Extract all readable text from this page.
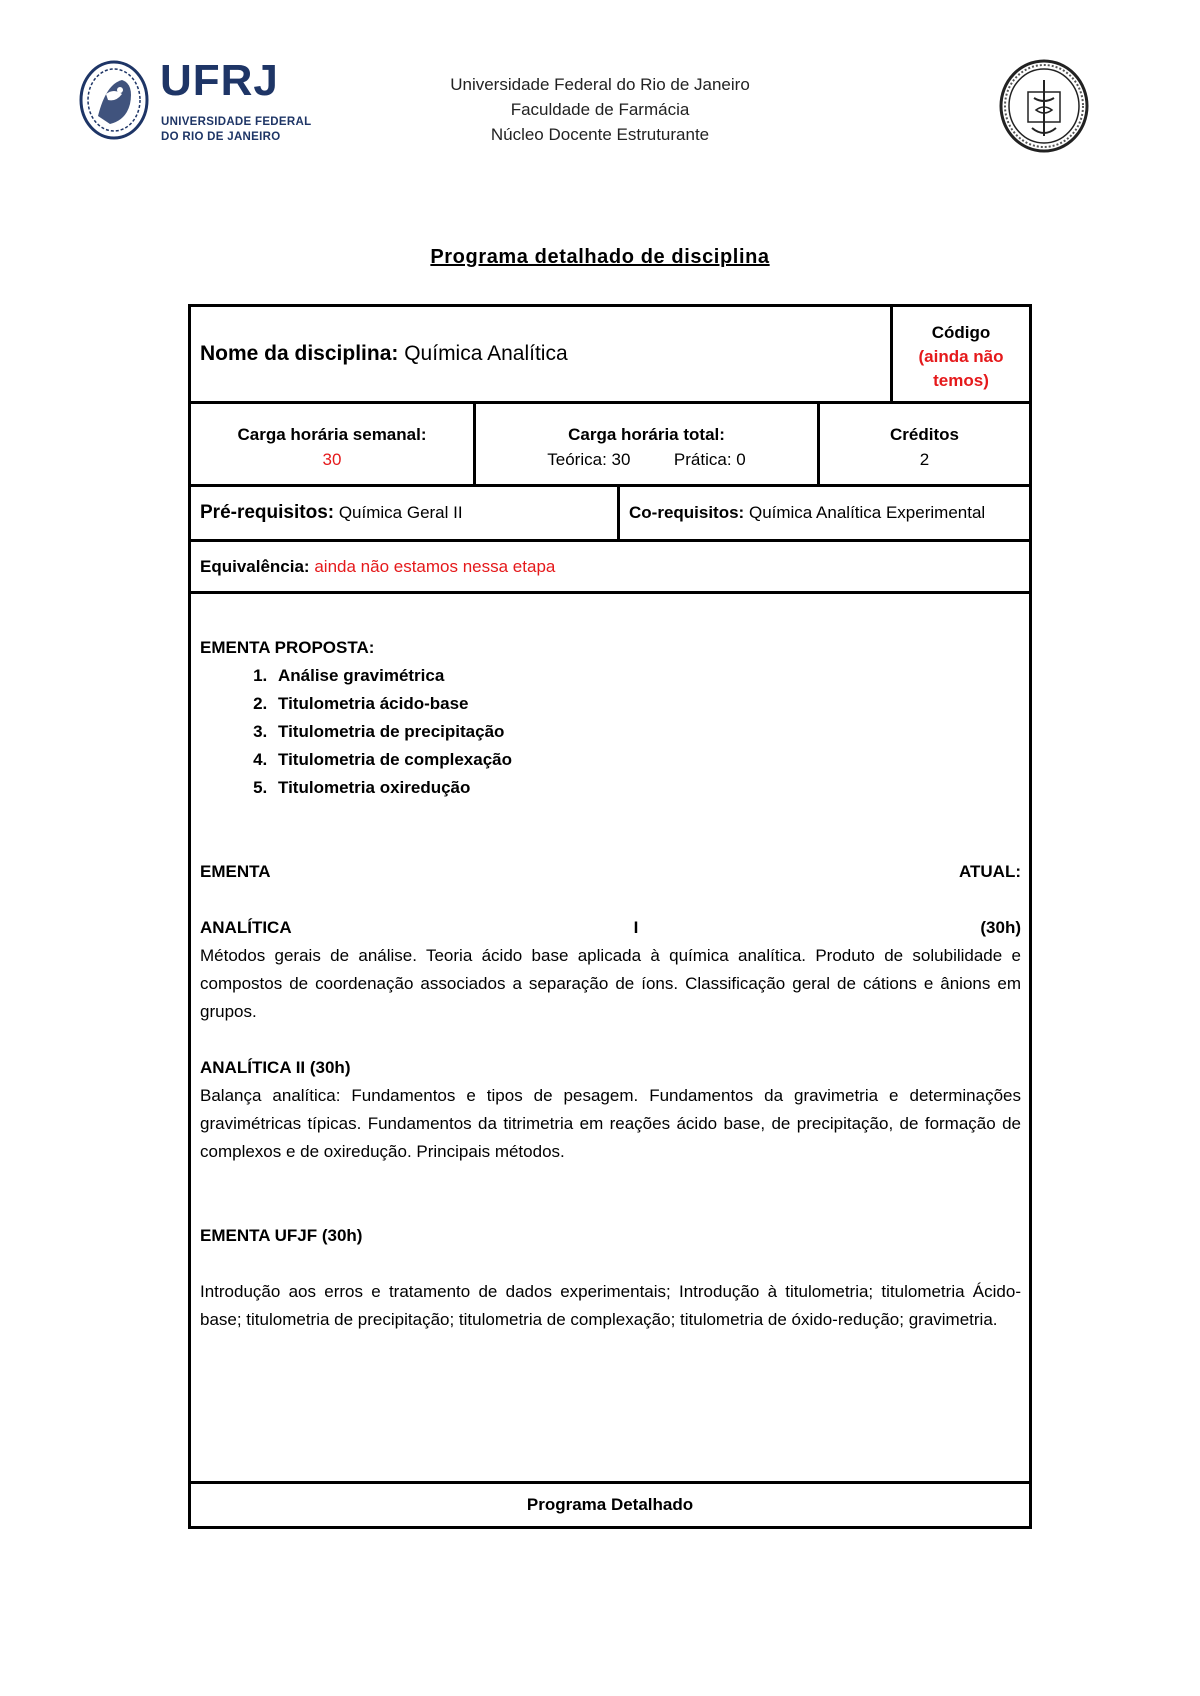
UFRJ
UNIVERSIDADE FEDERAL
DO RIO DE JANEIRO
Universidade Federal do Rio de Janeiro
Faculdade de Farmácia
Núcleo Docente Estruturante
Programa detalhado de disciplina
Nome da disciplina: Química Analítica
Código
(ainda não temos)
Carga horária semanal:
30
Carga horária total:
Teórica: 30	Prática: 0
Créditos
2
Pré-requisitos: Química Geral II	Co-requisitos: Química Analítica Experimental
Equivalência: ainda não estamos nessa etapa
EMENTA PROPOSTA:
1. Análise gravimétrica
2. Titulometria ácido-base
3. Titulometria de precipitação
4. Titulometria de complexação
5. Titulometria oxiredução
EMENTA	ATUAL:
ANALÍTICA	I	(30h)
Métodos gerais de análise. Teoria ácido base aplicada à química analítica. Produto de solubilidade e compostos de coordenação associados a separação de íons. Classificação geral de cátions e ânions em grupos.
ANALÍTICA II (30h)
Balança analítica: Fundamentos e tipos de pesagem. Fundamentos da gravimetria e determinações gravimétricas típicas. Fundamentos da titrimetria em reações ácido base, de precipitação, de formação de complexos e de oxiredução. Principais métodos.
EMENTA UFJF (30h)
Introdução aos erros e tratamento de dados experimentais; Introdução à titulometria; titulometria Ácido- base; titulometria de precipitação; titulometria de complexação; titulometria de óxido-redução; gravimetria.
Programa Detalhado
